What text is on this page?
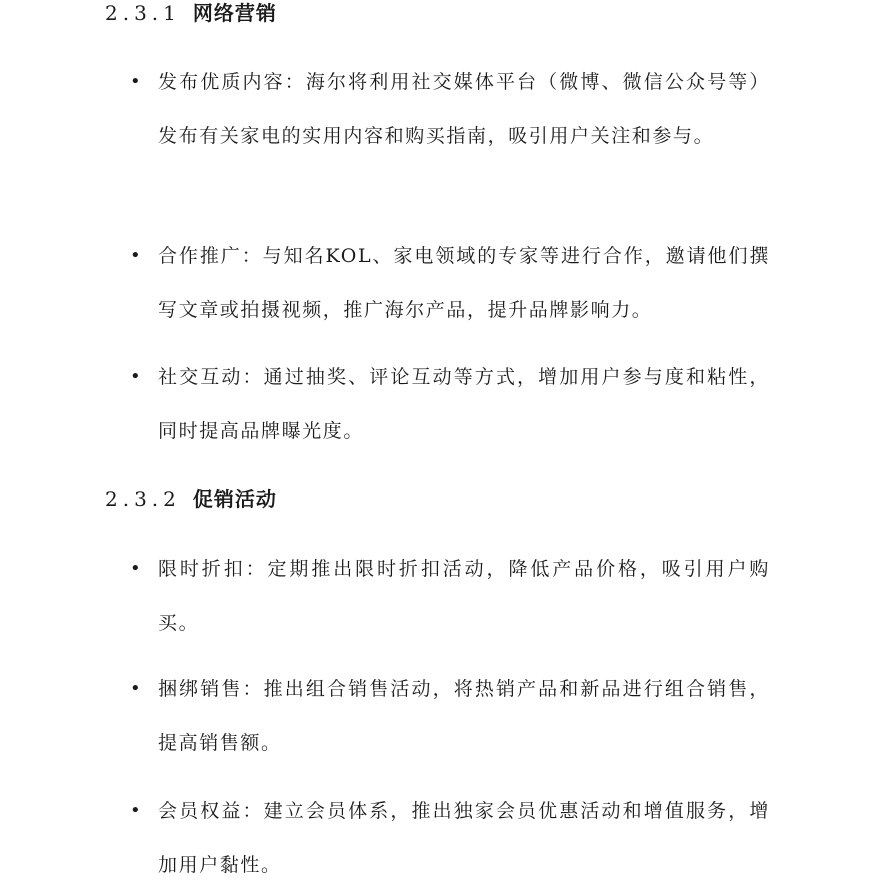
2.3.1 网络营销
• 发布优质内容：海尔将利用社交媒体平台（微博、微信公众号等）发布有关家电的实用内容和购买指南，吸引用户关注和参与。
• 合作推广：与知名KOL、家电领域的专家等进行合作，邀请他们撰写文章或拍摄视频，推广海尔产品，提升品牌影响力。
• 社交互动：通过抽奖、评论互动等方式，增加用户参与度和粘性，同时提高品牌曝光度。
2.3.2 促销活动
• 限时折扣：定期推出限时折扣活动，降低产品价格，吸引用户购买。
• 捆绑销售：推出组合销售活动，将热销产品和新品进行组合销售，提高销售额。
• 会员权益：建立会员体系，推出独家会员优惠活动和增值服务，增加用户黏性。
